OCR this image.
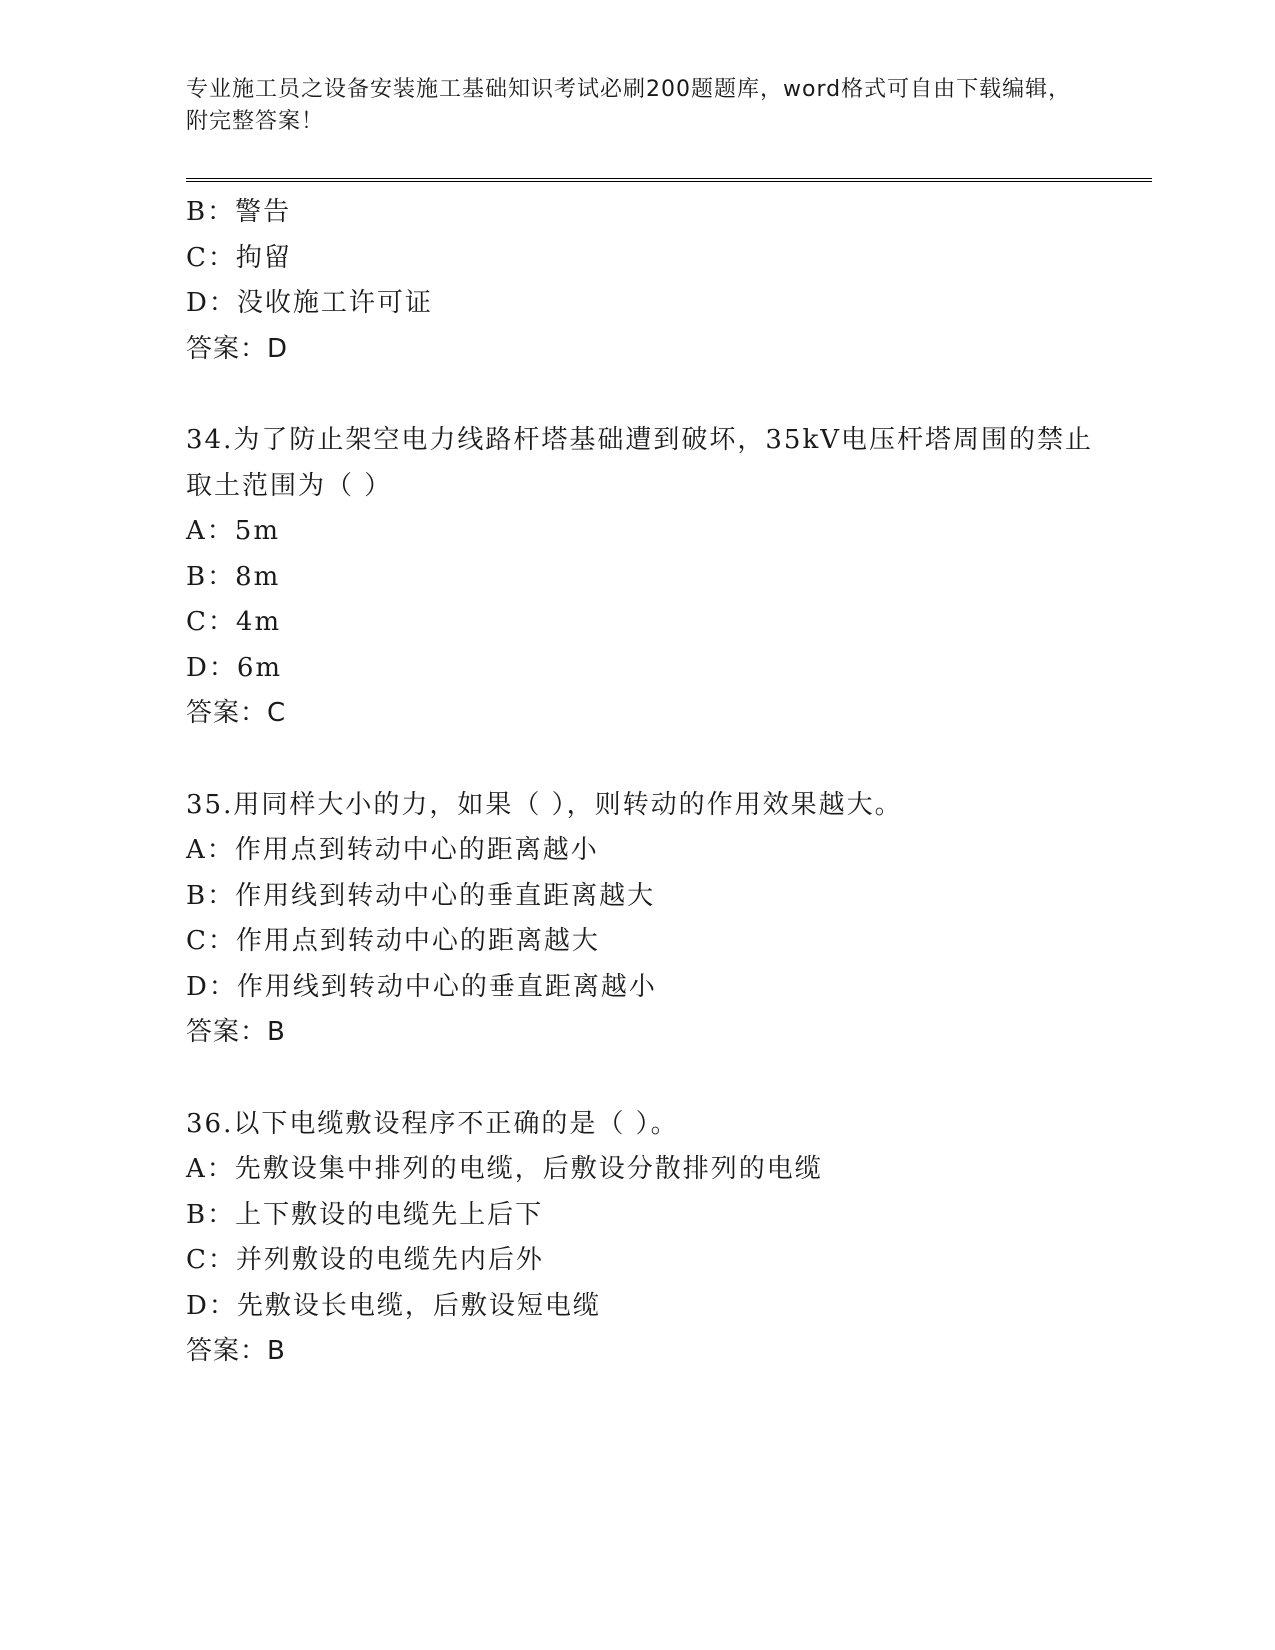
专业施工员之设备安装施工基础知识考试必刷200题题库，word格式可自由下载编辑，附完整答案！
B：警告
C：拘留
D：没收施工许可证
答案：D
34.为了防止架空电力线路杆塔基础遭到破坏，35kV电压杆塔周围的禁止取土范围为（ ）
A：5m
B：8m
C：4m
D：6m
答案：C
35.用同样大小的力，如果（ ），则转动的作用效果越大。
A：作用点到转动中心的距离越小
B：作用线到转动中心的垂直距离越大
C：作用点到转动中心的距离越大
D：作用线到转动中心的垂直距离越小
答案：B
36.以下电缆敷设程序不正确的是（ ）。
A：先敷设集中排列的电缆，后敷设分散排列的电缆
B：上下敷设的电缆先上后下
C：并列敷设的电缆先内后外
D：先敷设长电缆，后敷设短电缆
答案：B
